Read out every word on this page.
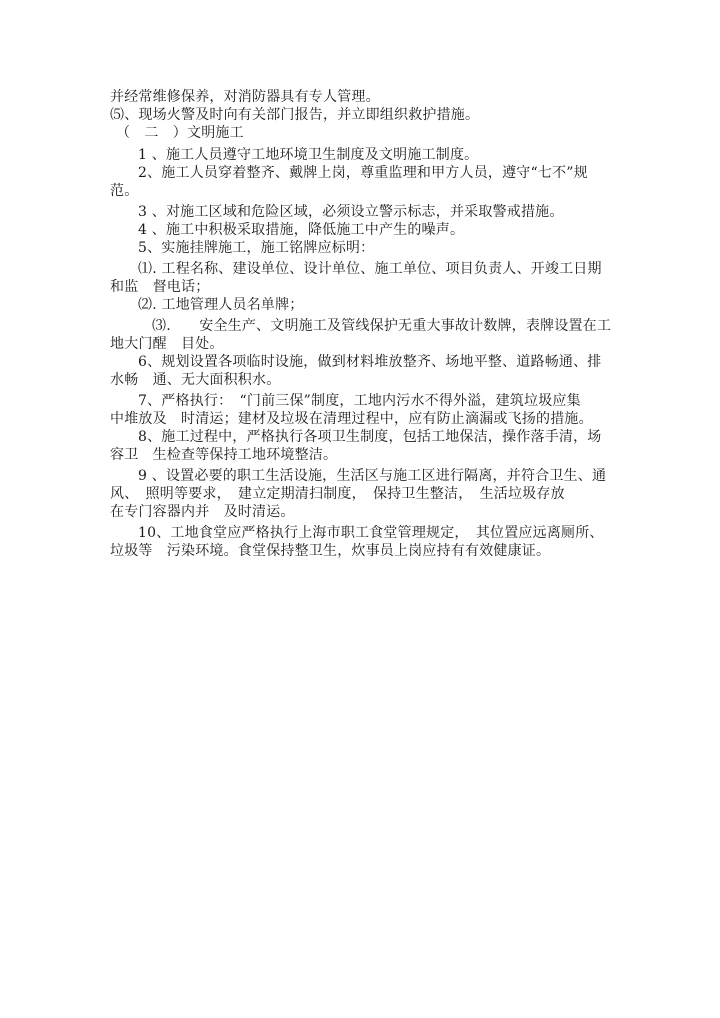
并经常维修保养，对消防器具有专人管理。
⑸、现场火警及时向有关部门报告，并立即组织救护措施。
（　二　）文明施工
1 、施工人员遵守工地环境卫生制度及文明施工制度。
2、施工人员穿着整齐、戴牌上岗，尊重监理和甲方人员，遵守“七不”规
范。
3 、对施工区域和危险区域，必须设立警示标志，并采取警戒措施。
4 、施工中积极采取措施，降低施工中产生的噪声。
5、实施挂牌施工，施工铭牌应标明：
⑴. 工程名称、建设单位、设计单位、施工单位、项目负责人、开竣工日期
和监　督电话；
⑵. 工地管理人员名单牌；
⑶.　　安全生产、文明施工及管线保护无重大事故计数牌，表牌设置在工
地大门醒　目处。
6、规划设置各项临时设施，做到材料堆放整齐、场地平整、道路畅通、排
水畅　通、无大面积积水。
7、严格执行：　“门前三保”制度，工地内污水不得外溢，建筑垃圾应集
中堆放及　时清运；建材及垃圾在清理过程中，应有防止滴漏或飞扬的措施。
8、施工过程中，严格执行各项卫生制度，包括工地保洁，操作落手清，场
容卫　生检查等保持工地环境整洁。
9 、设置必要的职工生活设施，生活区与施工区进行隔离，并符合卫生、通
风、　照明等要求，　建立定期清扫制度，　保持卫生整洁，　生活垃圾存放
在专门容器内并　及时清运。
10、工地食堂应严格执行上海市职工食堂管理规定，　其位置应远离厕所、
垃圾等　污染环境。食堂保持整卫生，炊事员上岗应持有有效健康证。
